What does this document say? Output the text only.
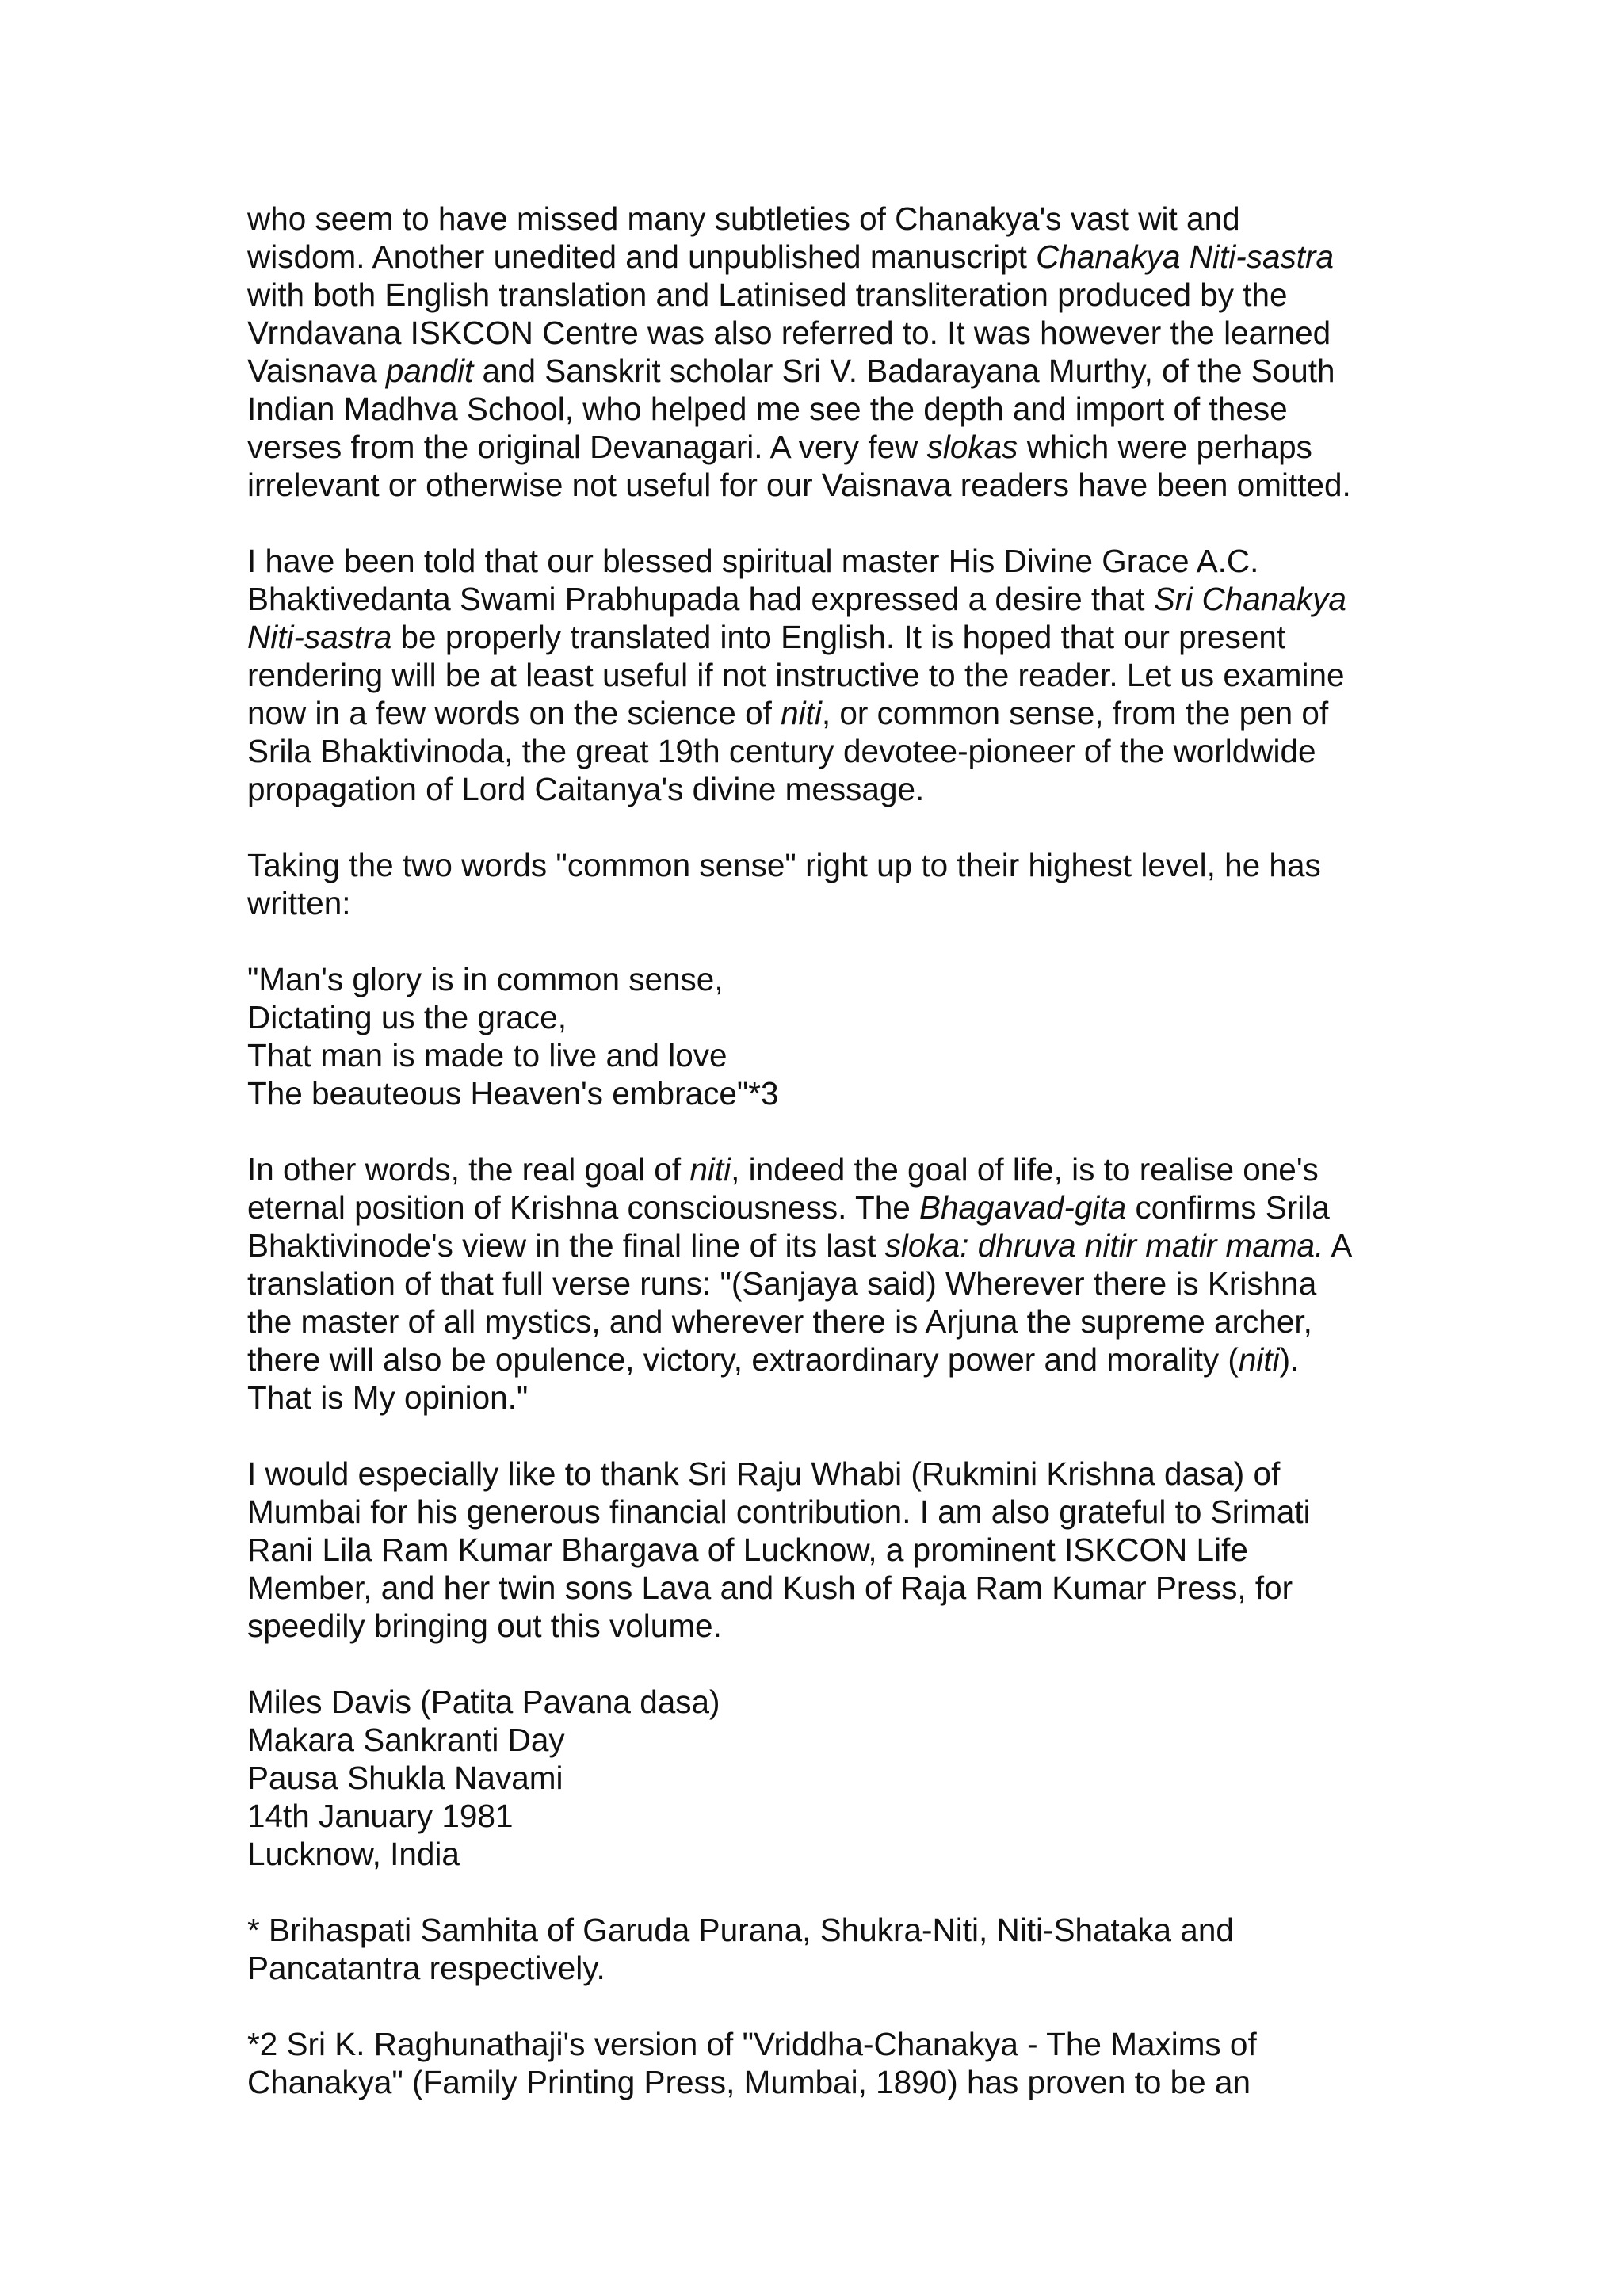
who seem to have missed many subtleties of Chanakya's vast wit and
wisdom. Another unedited and unpublished manuscript Chanakya Niti-sastra
with both English translation and Latinised transliteration produced by the
Vrndavana ISKCON Centre was also referred to. It was however the learned
Vaisnava pandit and Sanskrit scholar Sri V. Badarayana Murthy, of the South
Indian Madhva School, who helped me see the depth and import of these
verses from the original Devanagari. A very few slokas which were perhaps
irrelevant or otherwise not useful for our Vaisnava readers have been omitted.
I have been told that our blessed spiritual master His Divine Grace A.C.
Bhaktivedanta Swami Prabhupada had expressed a desire that Sri Chanakya
Niti-sastra be properly translated into English. It is hoped that our present
rendering will be at least useful if not instructive to the reader. Let us examine
now in a few words on the science of niti, or common sense, from the pen of
Srila Bhaktivinoda, the great 19th century devotee-pioneer of the worldwide
propagation of Lord Caitanya's divine message.
Taking the two words "common sense" right up to their highest level, he has
written:
"Man's glory is in common sense,
Dictating us the grace,
That man is made to live and love
The beauteous Heaven's embrace"*3
In other words, the real goal of niti, indeed the goal of life, is to realise one's
eternal position of Krishna consciousness. The Bhagavad-gita confirms Srila
Bhaktivinode's view in the final line of its last sloka: dhruva nitir matir mama. A
translation of that full verse runs: "(Sanjaya said) Wherever there is Krishna
the master of all mystics, and wherever there is Arjuna the supreme archer,
there will also be opulence, victory, extraordinary power and morality (niti).
That is My opinion."
I would especially like to thank Sri Raju Whabi (Rukmini Krishna dasa) of
Mumbai for his generous financial contribution. I am also grateful to Srimati
Rani Lila Ram Kumar Bhargava of Lucknow, a prominent ISKCON Life
Member, and her twin sons Lava and Kush of Raja Ram Kumar Press, for
speedily bringing out this volume.
Miles Davis (Patita Pavana dasa)
Makara Sankranti Day
Pausa Shukla Navami
14th January 1981
Lucknow, India
* Brihaspati Samhita of Garuda Purana, Shukra-Niti, Niti-Shataka and
Pancatantra respectively.
*2 Sri K. Raghunathaji's version of "Vriddha-Chanakya - The Maxims of
Chanakya" (Family Printing Press, Mumbai, 1890) has proven to be an
